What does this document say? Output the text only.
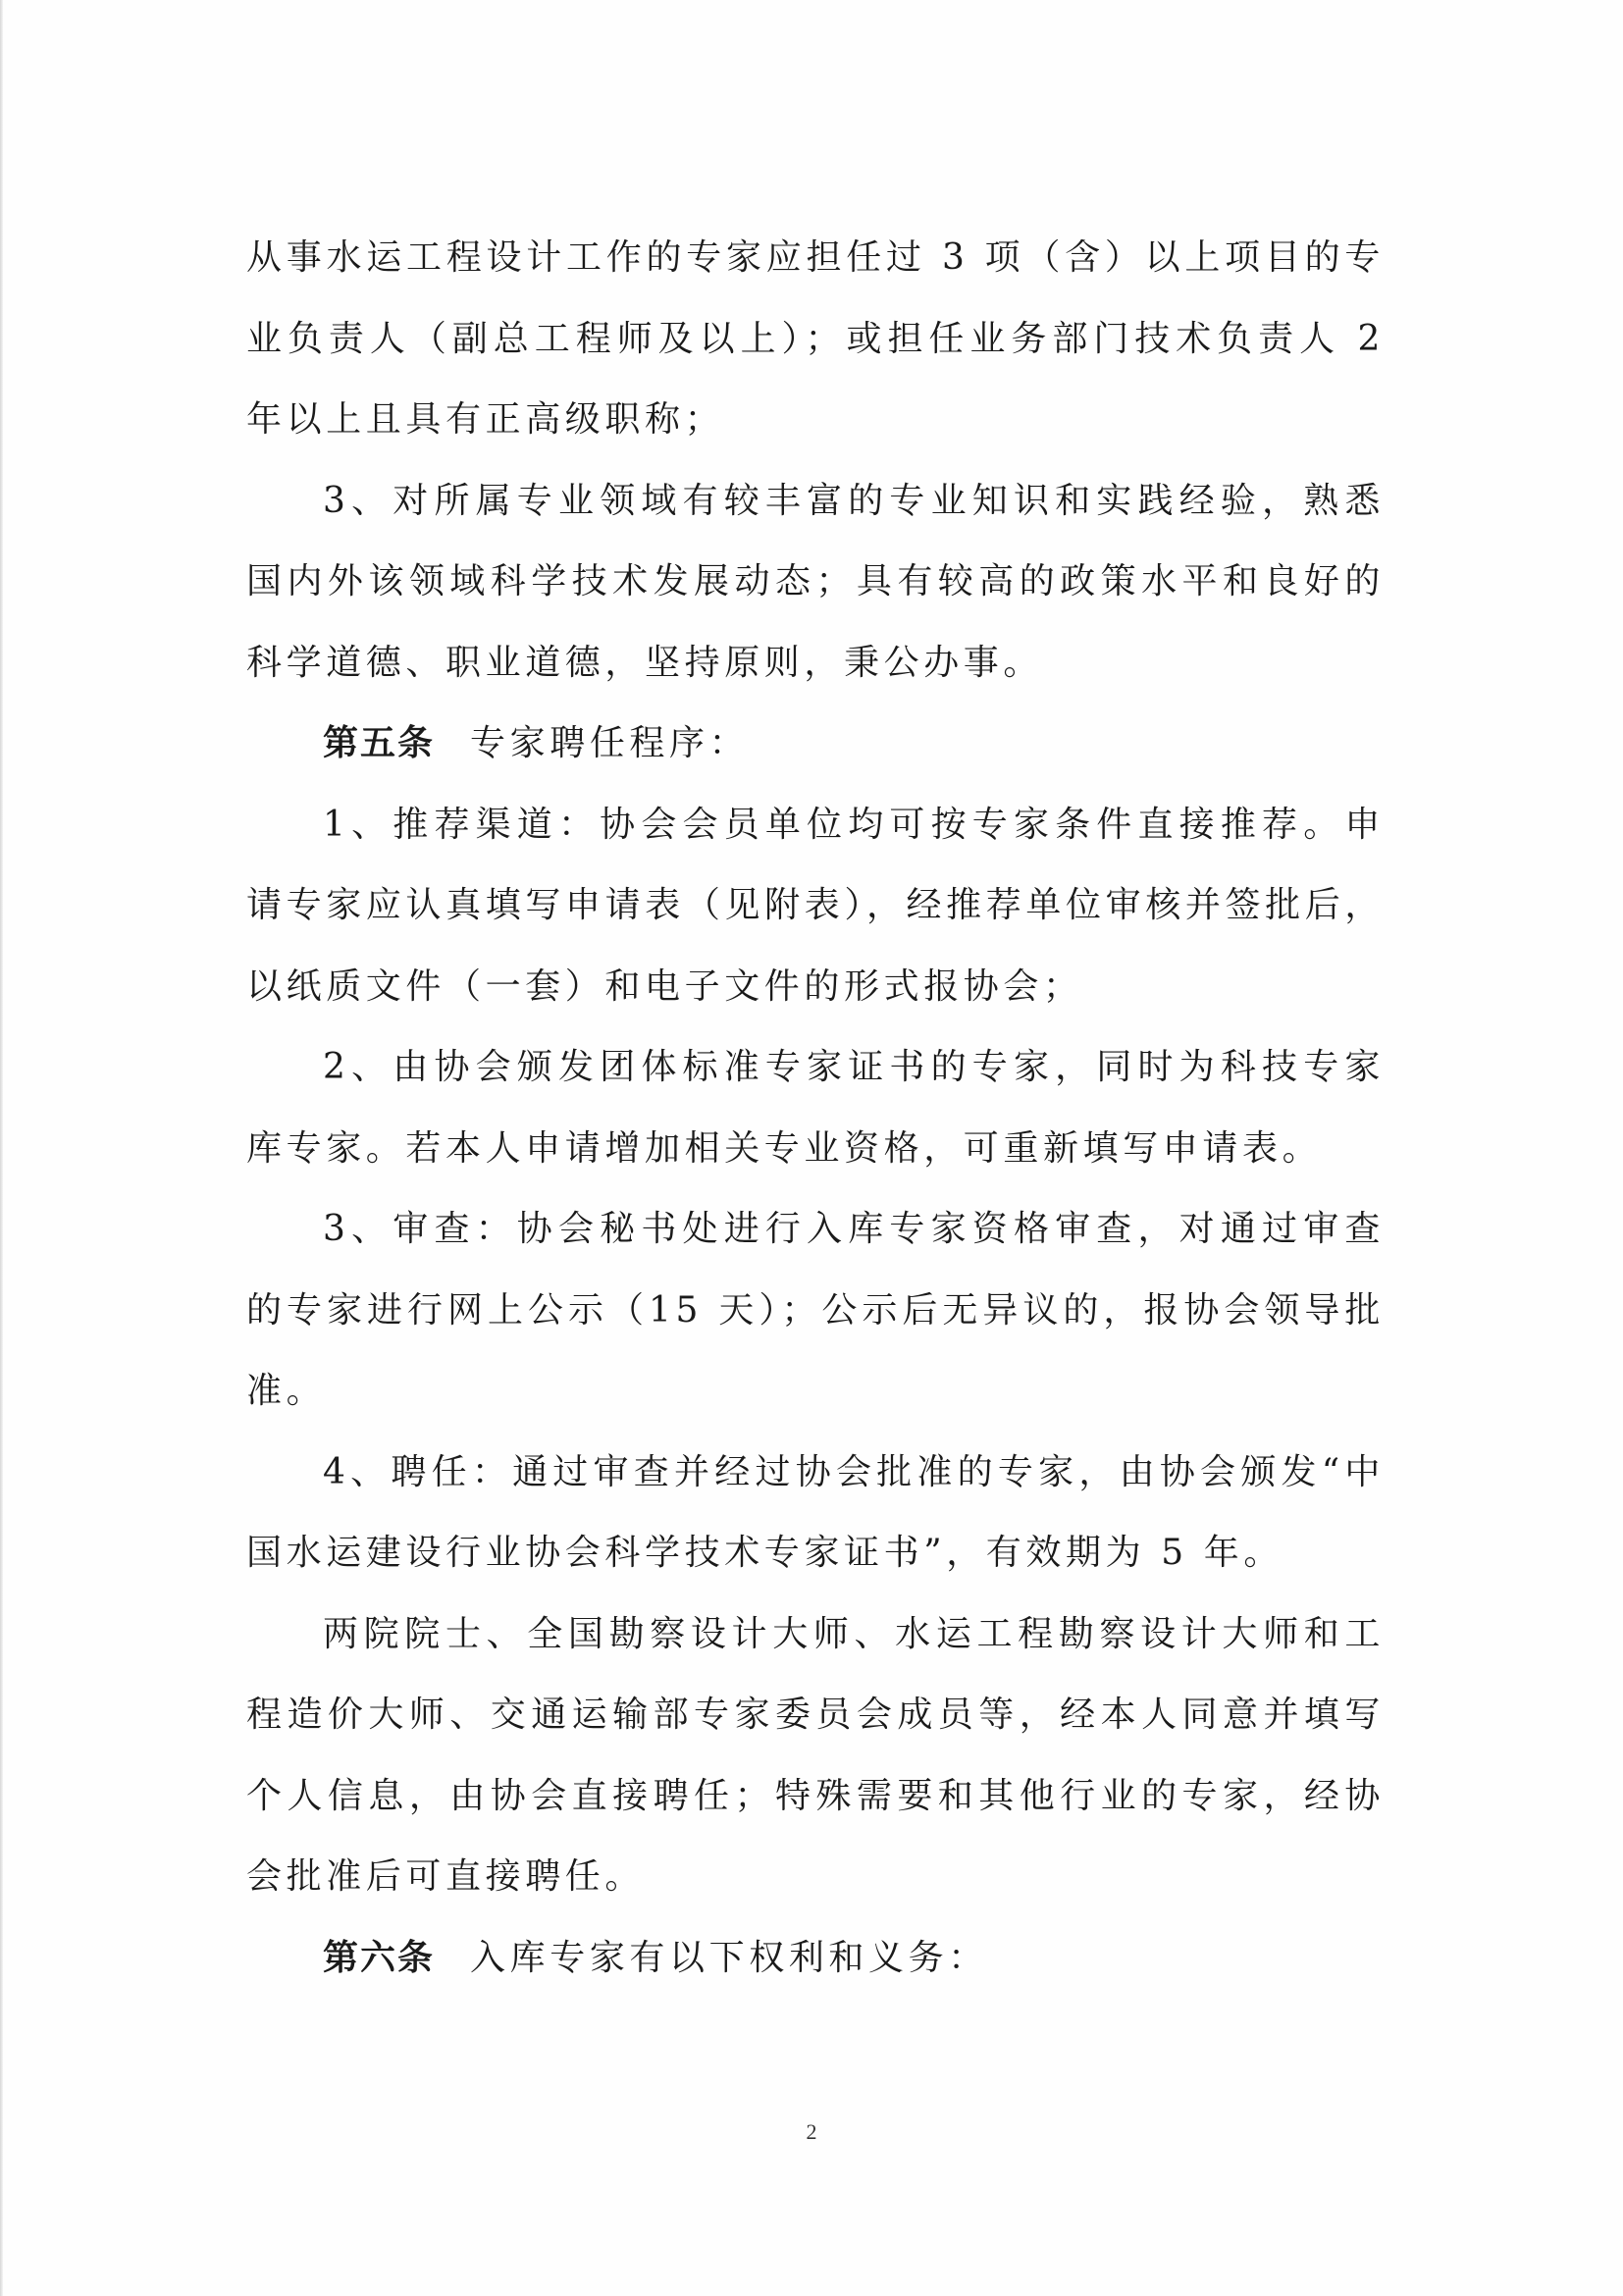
从事水运工程设计工作的专家应担任过 3 项（含）以上项目的专业负责人（副总工程师及以上）；或担任业务部门技术负责人 2 年以上且具有正高级职称；

3、对所属专业领域有较丰富的专业知识和实践经验，熟悉国内外该领域科学技术发展动态；具有较高的政策水平和良好的科学道德、职业道德，坚持原则，秉公办事。

第五条 专家聘任程序：

1、推荐渠道：协会会员单位均可按专家条件直接推荐。申请专家应认真填写申请表（见附表），经推荐单位审核并签批后，以纸质文件（一套）和电子文件的形式报协会；

2、由协会颁发团体标准专家证书的专家，同时为科技专家库专家。若本人申请增加相关专业资格，可重新填写申请表。

3、审查：协会秘书处进行入库专家资格审查，对通过审查的专家进行网上公示（15 天）；公示后无异议的，报协会领导批准。

4、聘任：通过审查并经过协会批准的专家，由协会颁发“中国水运建设行业协会科学技术专家证书”，有效期为 5 年。

两院院士、全国勘察设计大师、水运工程勘察设计大师和工程造价大师、交通运输部专家委员会成员等，经本人同意并填写个人信息，由协会直接聘任；特殊需要和其他行业的专家，经协会批准后可直接聘任。

第六条 入库专家有以下权利和义务：

2
